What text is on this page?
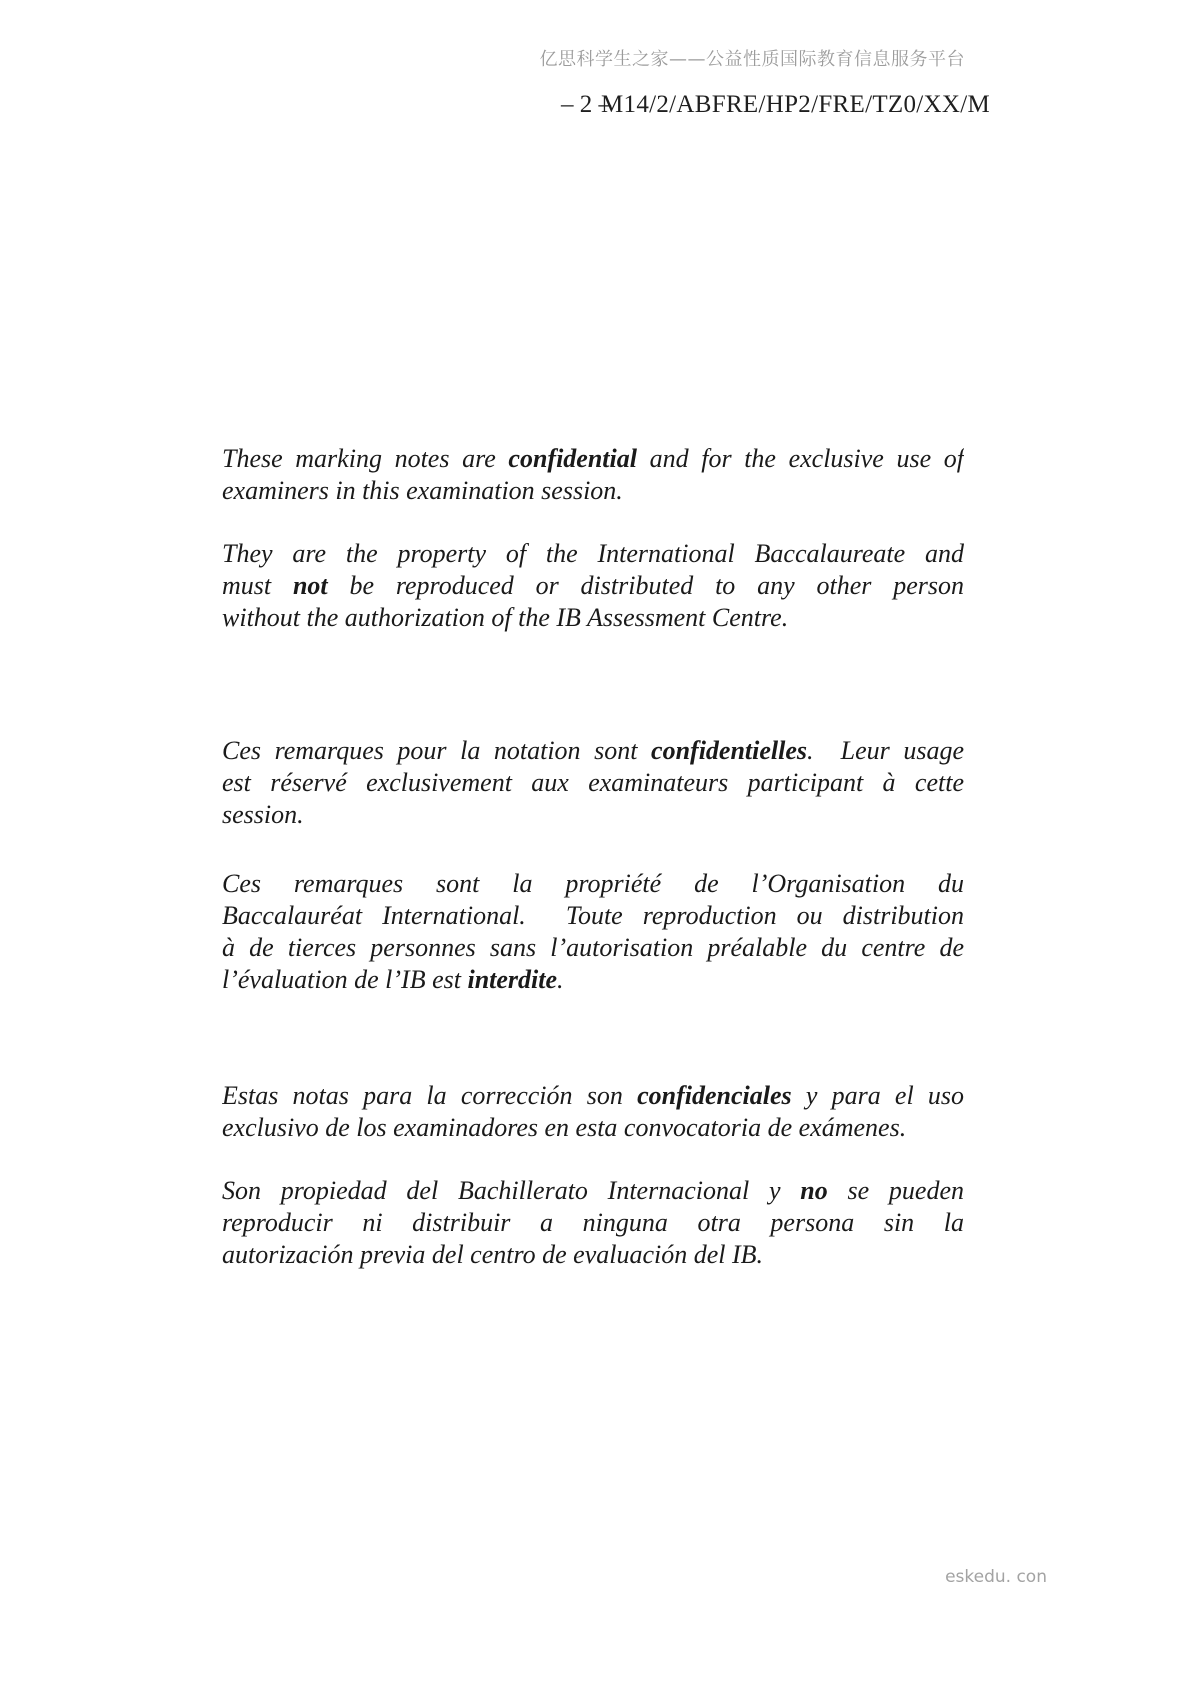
亿思科学生之家——公益性质国际教育信息服务平台
– 2 –
M14/2/ABFRE/HP2/FRE/TZ0/XX/M
These marking notes are confidential and for the exclusive use of
examiners in this examination session.
They are the property of the International Baccalaureate and
must not be reproduced or distributed to any other person
without the authorization of the IB Assessment Centre.
Ces remarques pour la notation sont confidentielles.  Leur usage
est réservé exclusivement aux examinateurs participant à cette
session.
Ces remarques sont la propriété de l’Organisation du
Baccalauréat International.  Toute reproduction ou distribution
à de tierces personnes sans l’autorisation préalable du centre de
l’évaluation de l’IB est interdite.
Estas notas para la corrección son confidenciales y para el uso
exclusivo de los examinadores en esta convocatoria de exámenes.
Son propiedad del Bachillerato Internacional y no se pueden
reproducir ni distribuir a ninguna otra persona sin la
autorización previa del centro de evaluación del IB.
eskedu. con
